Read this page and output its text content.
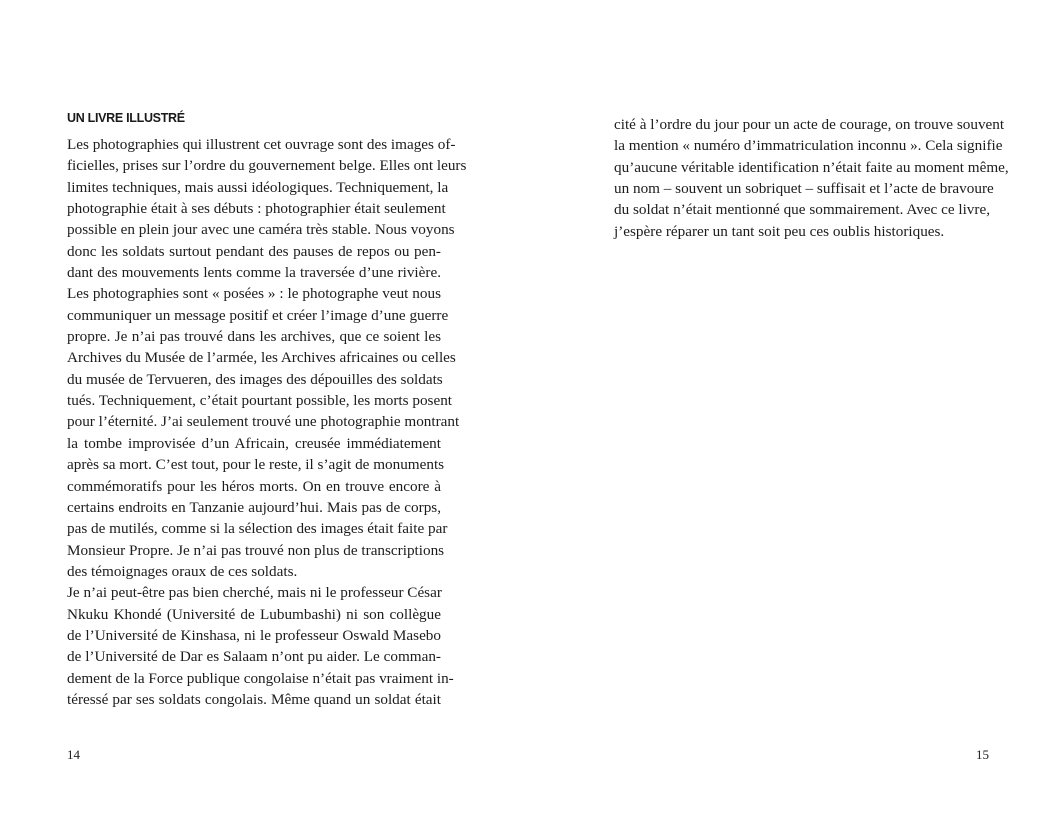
UN LIVRE ILLUSTRÉ
Les photographies qui illustrent cet ouvrage sont des images of-
ficielles, prises sur l’ordre du gouvernement belge. Elles ont leurs
limites techniques, mais aussi idéologiques. Techniquement, la
photographie était à ses débuts : photographier était seulement
possible en plein jour avec une caméra très stable. Nous voyons
donc les soldats surtout pendant des pauses de repos ou pen-
dant des mouvements lents comme la traversée d’une rivière.
Les photographies sont « posées » : le photographe veut nous
communiquer un message positif et créer l’image d’une guerre
propre. Je n’ai pas trouvé dans les archives, que ce soient les
Archives du Musée de l’armée, les Archives africaines ou celles
du musée de Tervueren, des images des dépouilles des soldats
tués. Techniquement, c’était pourtant possible, les morts posent
pour l’éternité. J’ai seulement trouvé une photographie montrant
la tombe improvisée d’un Africain, creusée immédiatement
après sa mort. C’est tout, pour le reste, il s’agit de monuments
commémoratifs pour les héros morts. On en trouve encore à
certains endroits en Tanzanie aujourd’hui. Mais pas de corps,
pas de mutilés, comme si la sélection des images était faite par
Monsieur Propre. Je n’ai pas trouvé non plus de transcriptions
des témoignages oraux de ces soldats.
Je n’ai peut-être pas bien cherché, mais ni le professeur César
Nkuku Khondé (Université de Lubumbashi) ni son collègue
de l’Université de Kinshasa, ni le professeur Oswald Masebo
de l’Université de Dar es Salaam n’ont pu aider. Le comman-
dement de la Force publique congolaise n’était pas vraiment in-
téressé par ses soldats congolais. Même quand un soldat était
14
cité à l’ordre du jour pour un acte de courage, on trouve souvent
la mention « numéro d’immatriculation inconnu ». Cela signifie
qu’aucune véritable identification n’était faite au moment même,
un nom – souvent un sobriquet – suffisait et l’acte de bravoure
du soldat n’était mentionné que sommairement. Avec ce livre,
j’espère réparer un tant soit peu ces oublis historiques.
15
